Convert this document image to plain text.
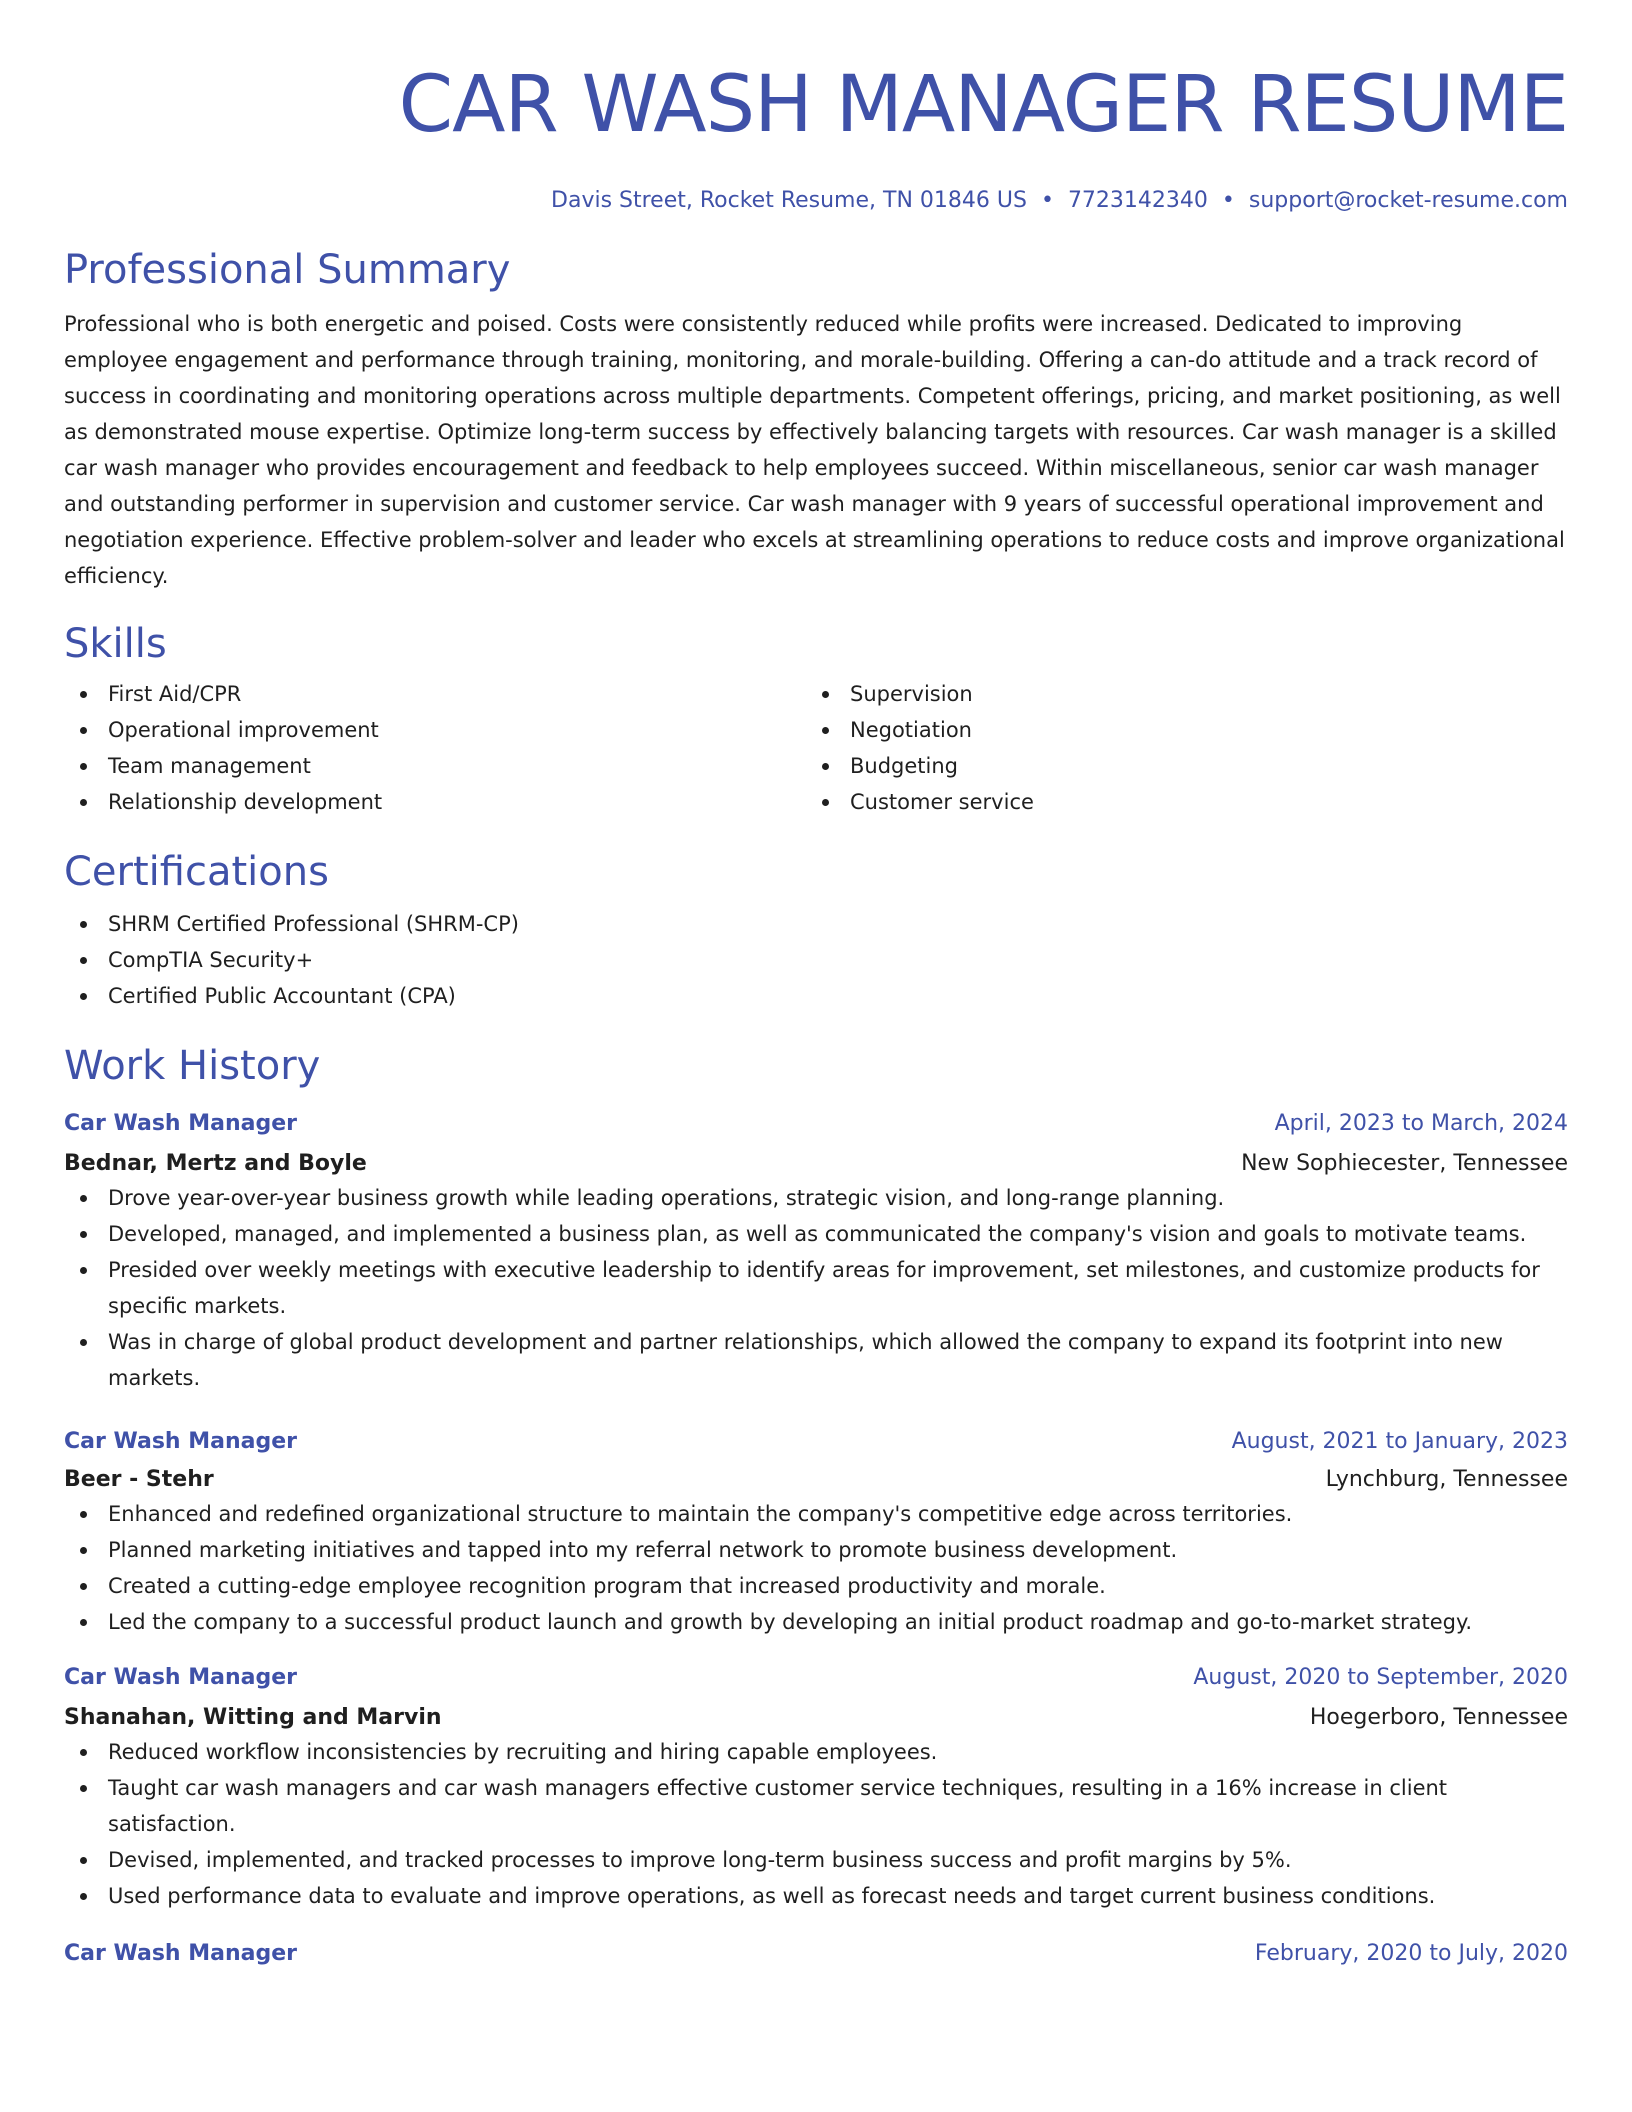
CAR WASH MANAGER RESUME
Davis Street, Rocket Resume, TN 01846 US • 7723142340 • support@rocket-resume.com
Professional Summary

Professional who is both energetic and poised. Costs were consistently reduced while profits were increased. Dedicated to improving employee engagement and performance through training, monitoring, and morale-building. Offering a can-do attitude and a track record of success in coordinating and monitoring operations across multiple departments. Competent offerings, pricing, and market positioning, as well as demonstrated mouse expertise. Optimize long-term success by effectively balancing targets with resources. Car wash manager is a skilled car wash manager who provides encouragement and feedback to help employees succeed. Within miscellaneous, senior car wash manager and outstanding performer in supervision and customer service. Car wash manager with 9 years of successful operational improvement and negotiation experience. Effective problem-solver and leader who excels at streamlining operations to reduce costs and improve organizational efficiency.

Skills
First Aid/CPR
Operational improvement
Team management
Relationship development
Supervision
Negotiation
Budgeting
Customer service
Certifications
SHRM Certified Professional (SHRM-CP)
CompTIA Security+
Certified Public Accountant (CPA)
Work History
Car Wash Manager	April, 2023 to March, 2024
Bednar, Mertz and Boyle	New Sophiecester, Tennessee
Drove year-over-year business growth while leading operations, strategic vision, and long-range planning.
Developed, managed, and implemented a business plan, as well as communicated the company's vision and goals to motivate teams.
Presided over weekly meetings with executive leadership to identify areas for improvement, set milestones, and customize products for specific markets.
Was in charge of global product development and partner relationships, which allowed the company to expand its footprint into new markets.
Car Wash Manager	August, 2021 to January, 2023
Beer - Stehr	Lynchburg, Tennessee
Enhanced and redefined organizational structure to maintain the company's competitive edge across territories.
Planned marketing initiatives and tapped into my referral network to promote business development.
Created a cutting-edge employee recognition program that increased productivity and morale.
Led the company to a successful product launch and growth by developing an initial product roadmap and go-to-market strategy.
Car Wash Manager	August, 2020 to September, 2020
Shanahan, Witting and Marvin	Hoegerboro, Tennessee
Reduced workflow inconsistencies by recruiting and hiring capable employees.
Taught car wash managers and car wash managers effective customer service techniques, resulting in a 16% increase in client satisfaction.
Devised, implemented, and tracked processes to improve long-term business success and profit margins by 5%.
Used performance data to evaluate and improve operations, as well as forecast needs and target current business conditions.
Car Wash Manager	February, 2020 to July, 2020
